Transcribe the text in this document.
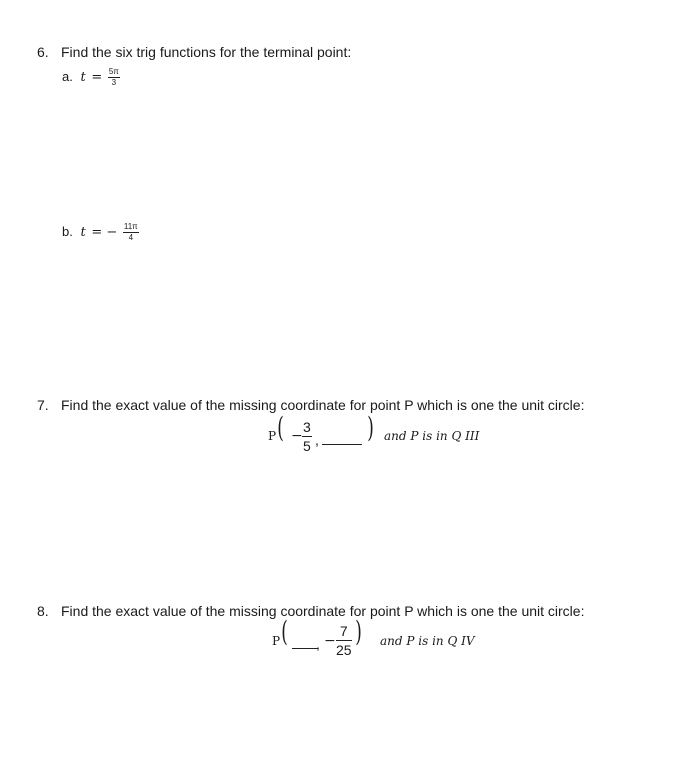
6. Find the six trig functions for the terminal point:
a. $t = \frac{5\pi}{3}$
b. t = − $\frac{11\pi}{4}$
7. Find the exact value of the missing coordinate for point P which is one the unit circle:
P ( − $\frac{3}{5}$ , ) and P is in Q III
8. Find the exact value of the missing coordinate for point P which is one the unit circle:
P ( , − $\frac{7}{25}$ ) and P is in Q IV
